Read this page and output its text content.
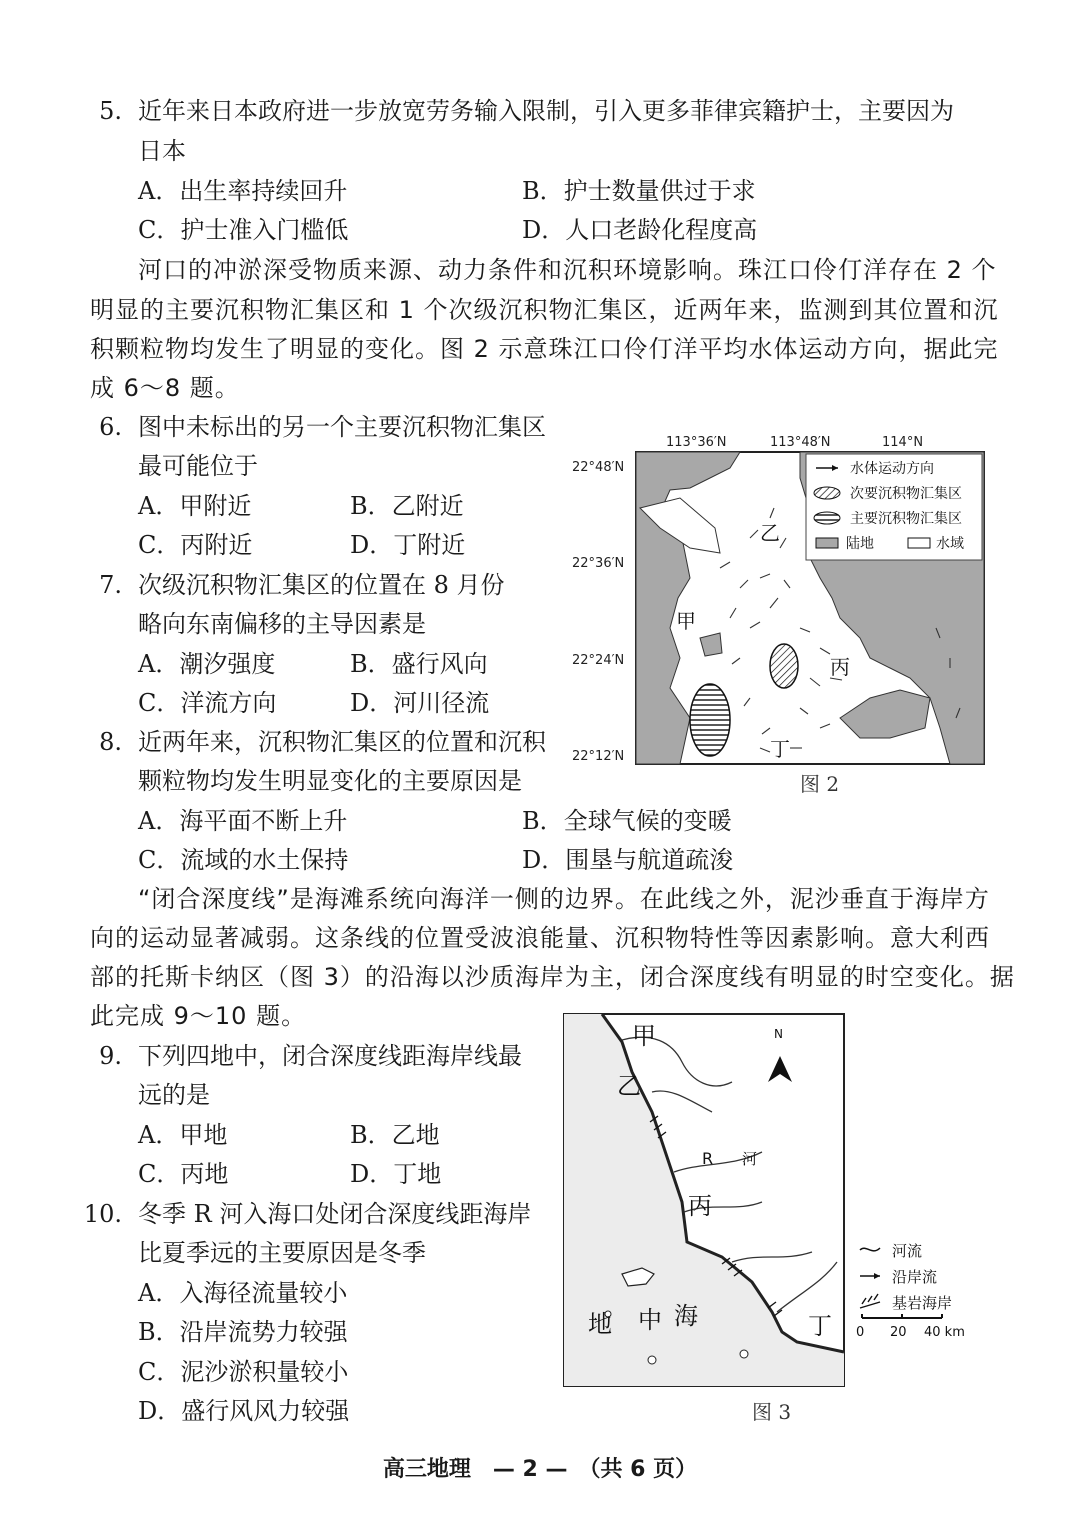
5. 近年来日本政府进一步放宽劳务输入限制，引入更多菲律宾籍护士，主要因为
日本
A．出生率持续回升	B．护士数量供过于求
C．护士准入门槛低	D．人口老龄化程度高
河口的冲淤深受物质来源、动力条件和沉积环境影响。珠江口伶仃洋存在 2 个
明显的主要沉积物汇集区和 1 个次级沉积物汇集区，近两年来，监测到其位置和沉
积颗粒物均发生了明显的变化。图 2 示意珠江口伶仃洋平均水体运动方向，据此完
成 6～8 题。
6. 图中未标出的另一个主要沉积物汇集区
最可能位于
A．甲附近	B．乙附近
C．丙附近	D．丁附近
7. 次级沉积物汇集区的位置在 8 月份
略向东南偏移的主导因素是
A．潮汐强度	B．盛行风向
C．洋流方向	D．河川径流
8. 近两年来，沉积物汇集区的位置和沉积
颗粒物均发生明显变化的主要原因是
A．海平面不断上升	B．全球气候的变暖
C．流域的水土保持	D．围垦与航道疏浚
113°36′N	113°48′N	114°N
22°48′N
22°36′N
22°24′N
22°12′N
水体运动方向
次要沉积物汇集区
主要沉积物汇集区
陆地	水域
甲
乙
丙
丁
图 2
“闭合深度线”是海滩系统向海洋一侧的边界。在此线之外，泥沙垂直于海岸方
向的运动显著减弱。这条线的位置受波浪能量、沉积物特性等因素影响。意大利西
部的托斯卡纳区（图 3）的沿海以沙质海岸为主，闭合深度线有明显的时空变化。据
此完成 9～10 题。
9. 下列四地中，闭合深度线距海岸线最
远的是
A．甲地	B．乙地
C．丙地	D．丁地
10. 冬季 R 河入海口处闭合深度线距海岸
比夏季远的主要原因是冬季
A．入海径流量较小
B．沿岸流势力较强
C．泥沙淤积量较小
D．盛行风风力较强
N
甲
乙
丙
丁
R 河
地 中 海
河流
沿岸流
基岩海岸
0 20 40 km
图 3
高三地理　— 2 —　（共 6 页）
